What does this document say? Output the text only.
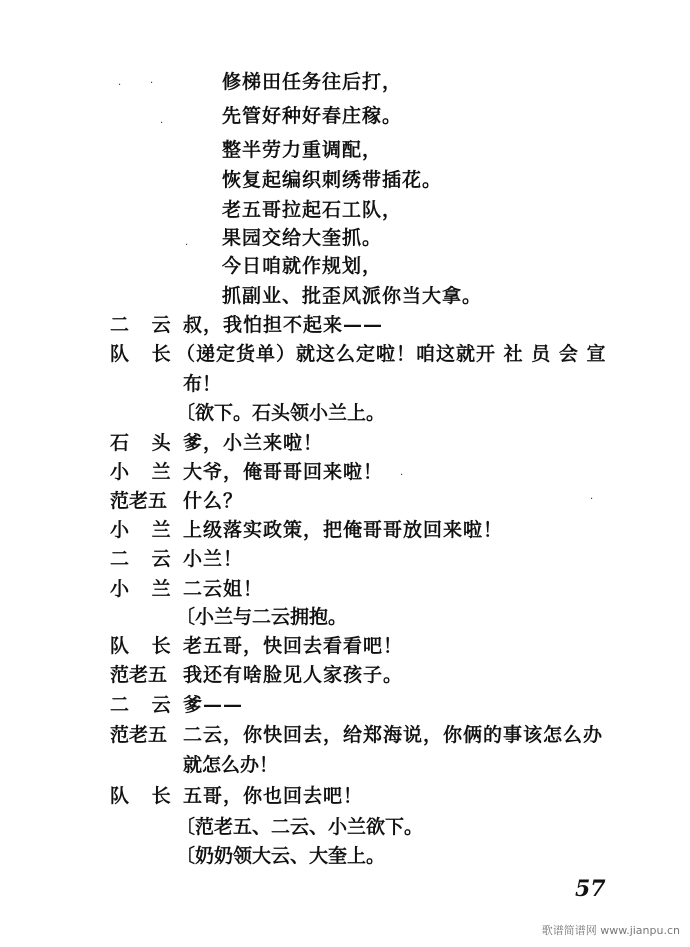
修梯田任务往后打，
先管好种好春庄稼。
整半劳力重调配，
恢复起编织刺绣带插花。
老五哥拉起石工队，
果园交给大奎抓。
今日咱就作规划，
抓副业、批歪风派你当大拿。
二 云 叔，我怕担不起来——
队 长
（递定货单）就这么定啦！咱这就开 社 员 会 宣
布！
〔欲下。石头领小兰上。
石 头 爹，小兰来啦！
小 兰 大爷，俺哥哥回来啦！
范老五 什么？
小 兰 上级落实政策，把俺哥哥放回来啦！
二 云 小兰！
小 兰 二云姐！
〔小兰与二云拥抱。
队 长 老五哥，快回去看看吧！
范老五 我还有啥脸见人家孩子。
二 云 爹——
范老五 二云，你快回去，给郑海说，你俩的事该怎么办
就怎么办！
队 长 五哥，你也回去吧！
〔范老五、二云、小兰欲下。
〔奶奶领大云、大奎上。
·	·
·
·
·
·
57
歌谱简谱网 www.jianpu.cn
